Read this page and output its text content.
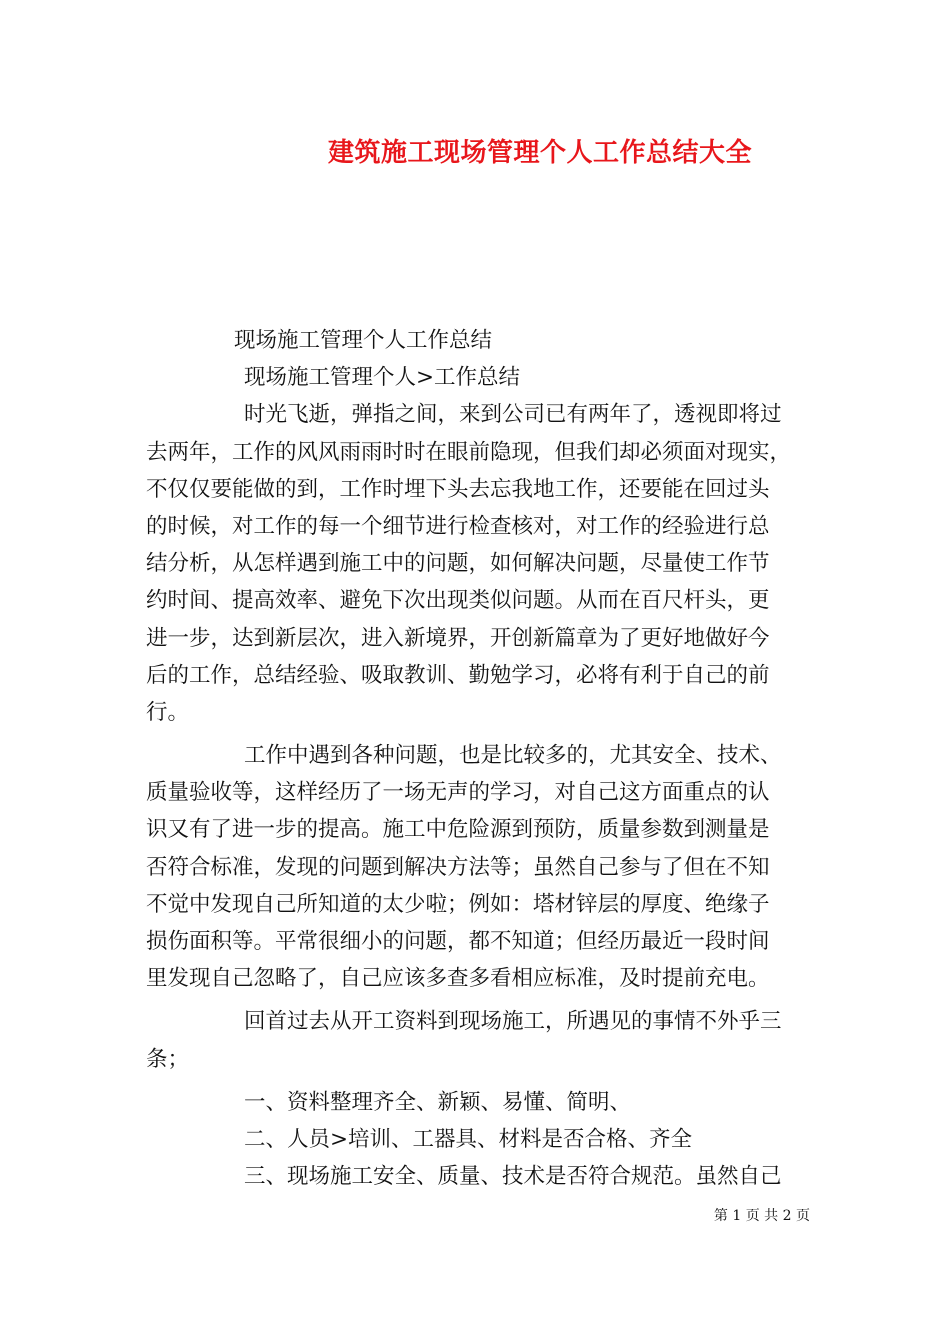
建筑施工现场管理个人工作总结大全
现场施工管理个人工作总结
现场施工管理个人>工作总结
时光飞逝，弹指之间，来到公司已有两年了，透视即将过
去两年，工作的风风雨雨时时在眼前隐现，但我们却必须面对现实，
不仅仅要能做的到，工作时埋下头去忘我地工作，还要能在回过头
的时候，对工作的每一个细节进行检查核对，对工作的经验进行总
结分析，从怎样遇到施工中的问题，如何解决问题，尽量使工作节
约时间、提高效率、避免下次出现类似问题。从而在百尺杆头，更
进一步，达到新层次，进入新境界，开创新篇章为了更好地做好今
后的工作，总结经验、吸取教训、勤勉学习，必将有利于自己的前
行。
工作中遇到各种问题，也是比较多的，尤其安全、技术、
质量验收等，这样经历了一场无声的学习，对自己这方面重点的认
识又有了进一步的提高。施工中危险源到预防，质量参数到测量是
否符合标准，发现的问题到解决方法等；虽然自己参与了但在不知
不觉中发现自己所知道的太少啦；例如：塔材锌层的厚度、绝缘子
损伤面积等。平常很细小的问题，都不知道；但经历最近一段时间
里发现自己忽略了，自己应该多查多看相应标准，及时提前充电。
回首过去从开工资料到现场施工，所遇见的事情不外乎三
条；
一、资料整理齐全、新颖、易懂、简明、
二、人员>培训、工器具、材料是否合格、齐全
三、现场施工安全、质量、技术是否符合规范。虽然自己
第 1 页 共 2 页
